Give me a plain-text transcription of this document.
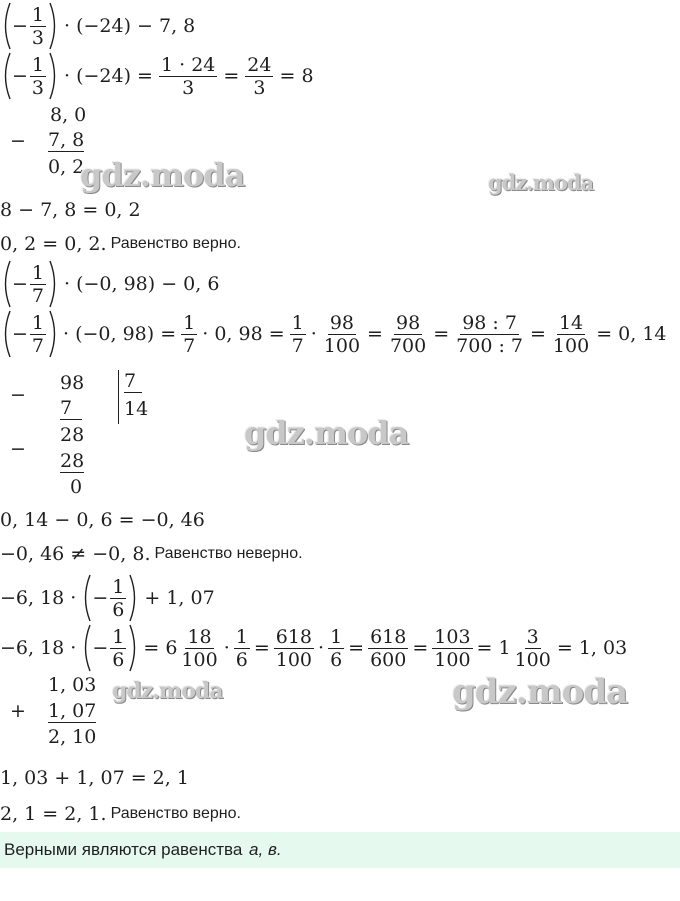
− $\frac{1}{3} \cdot (-24) - 7$, 8
− $\frac{1}{3} \cdot (-24) = \frac{1 \cdot 24}{3} = \frac{24}{3} = 8$
−
8, 0
7, 8
0, 2
8 − 7, 8 = 0, 2
0, 2 = 0, 2. Равенство верно.
− $\frac{1}{7} \cdot (-0$, 98) − 0, 6
− $\frac{1}{7} \cdot (-0$, $98) = \frac{1}{7} \cdot 0$, $98 = \frac{1}{7} \cdot \frac{98}{100} = \frac{98}{700} = \frac{98 : 7}{700 : 7} = \frac{14}{100} = 0$, 14
−
98
7
−
28
28
0
7
14
0, 14 − 0, 6 = −0, 46
−0, 46 ≠ −0, 8. Равенство неверно.
−6, 18 · − $\frac{1}{6} + 1$, 07
−6, 18 · − $\frac{1}{6} = 6 \frac{18}{100} \cdot \frac{1}{6} = \frac{618}{100} \cdot \frac{1}{6} = \frac{618}{600} = \frac{103}{100} = 1 \frac{3}{100} = 1$, 03
+
1, 03
1, 07
2, 10
1, 03 + 1, 07 = 2, 1
2, 1 = 2, 1. Равенство верно.
Верными являются равенства а, в.
gdz.moda	gdz.moda
gdz.moda
gdz.moda	gdz.moda
